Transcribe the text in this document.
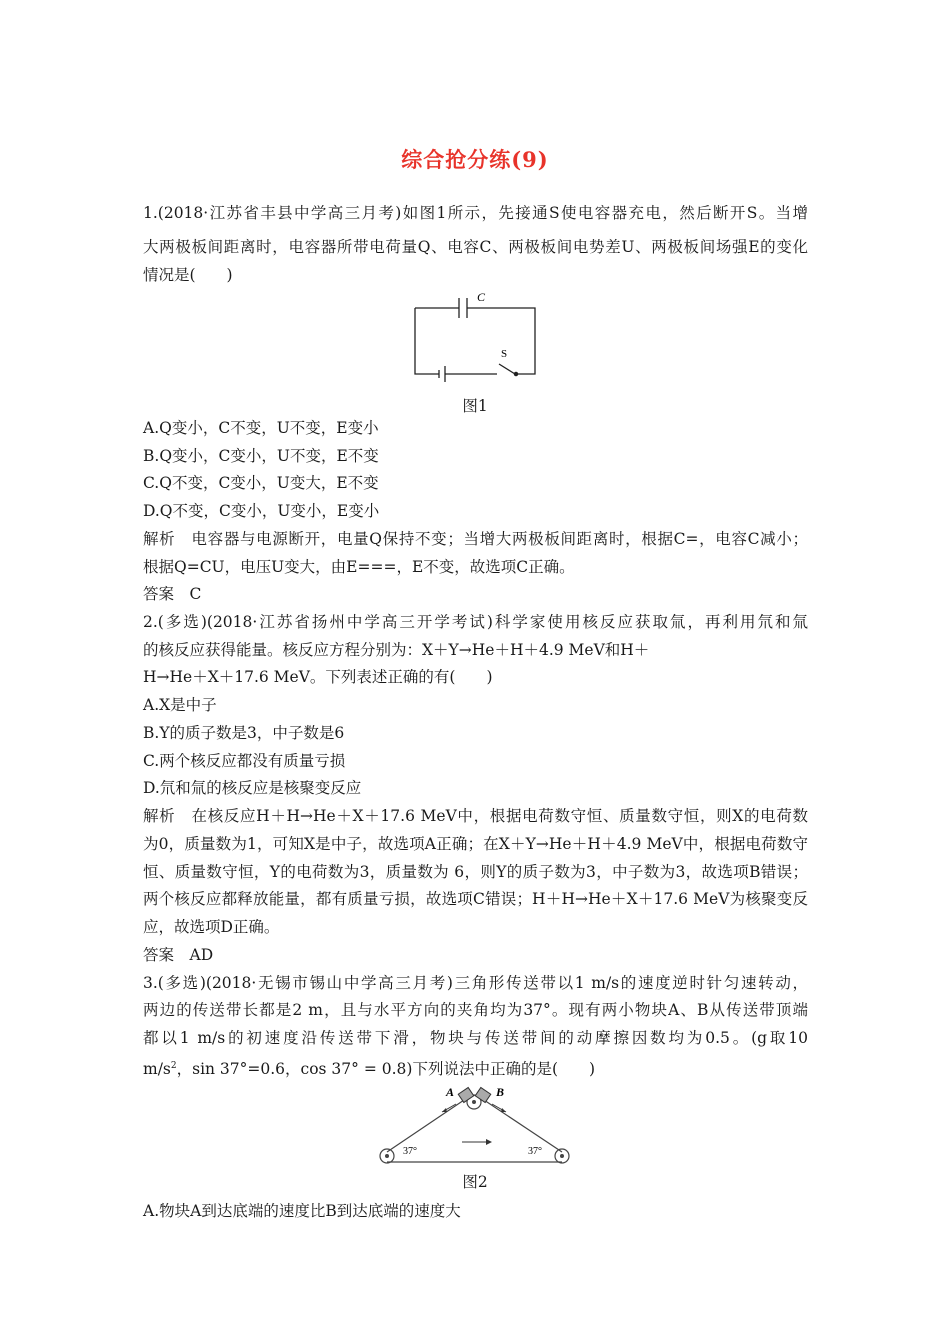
综合抢分练(9)
1.(2018·江苏省丰县中学高三月考)如图1所示，先接通S使电容器充电，然后断开S。当增
大两极板间距离时，电容器所带电荷量Q、电容C、两极板间电势差U、两极板间场强E的变化
情况是(　　)
C
S
图1
A.Q变小，C不变，U不变，E变小
B.Q变小，C变小，U不变，E不变
C.Q不变，C变小，U变大，E不变
D.Q不变，C变小，U变小，E变小
解析　电容器与电源断开，电量Q保持不变；当增大两极板间距离时，根据C=，电容C减小；
根据Q=CU，电压U变大，由E===，E不变，故选项C正确。
答案　C
2.(多选)(2018·江苏省扬州中学高三开学考试)科学家使用核反应获取氚，再利用氘和氚
的核反应获得能量。核反应方程分别为：X＋Y→He＋H＋4.9 MeV和H＋
H→He＋X＋17.6 MeV。下列表述正确的有(　　)
A.X是中子
B.Y的质子数是3，中子数是6
C.两个核反应都没有质量亏损
D.氘和氚的核反应是核聚变反应
解析　在核反应H＋H→He＋X＋17.6 MeV中，根据电荷数守恒、质量数守恒，则X的电荷数
为0，质量数为1，可知X是中子，故选项A正确；在X＋Y→He＋H＋4.9 MeV中，根据电荷数守
恒、质量数守恒，Y的电荷数为3，质量数为 6，则Y的质子数为3，中子数为3，故选项B错误；
两个核反应都释放能量，都有质量亏损，故选项C错误；H＋H→He＋X＋17.6 MeV为核聚变反
应，故选项D正确。
答案　AD
3.(多选)(2018·无锡市锡山中学高三月考)三角形传送带以1 m/s的速度逆时针匀速转动，
两边的传送带长都是2 m，且与水平方向的夹角均为37°。现有两小物块A、B从传送带顶端
都以1 m/s的初速度沿传送带下滑，物块与传送带间的动摩擦因数均为0.5。(g取10
$m/s^2$，sin 37°=0.6，cos 37° = 0.8)下列说法中正确的是(　　)
A	B
37°	37°
图2
A.物块A到达底端的速度比B到达底端的速度大
